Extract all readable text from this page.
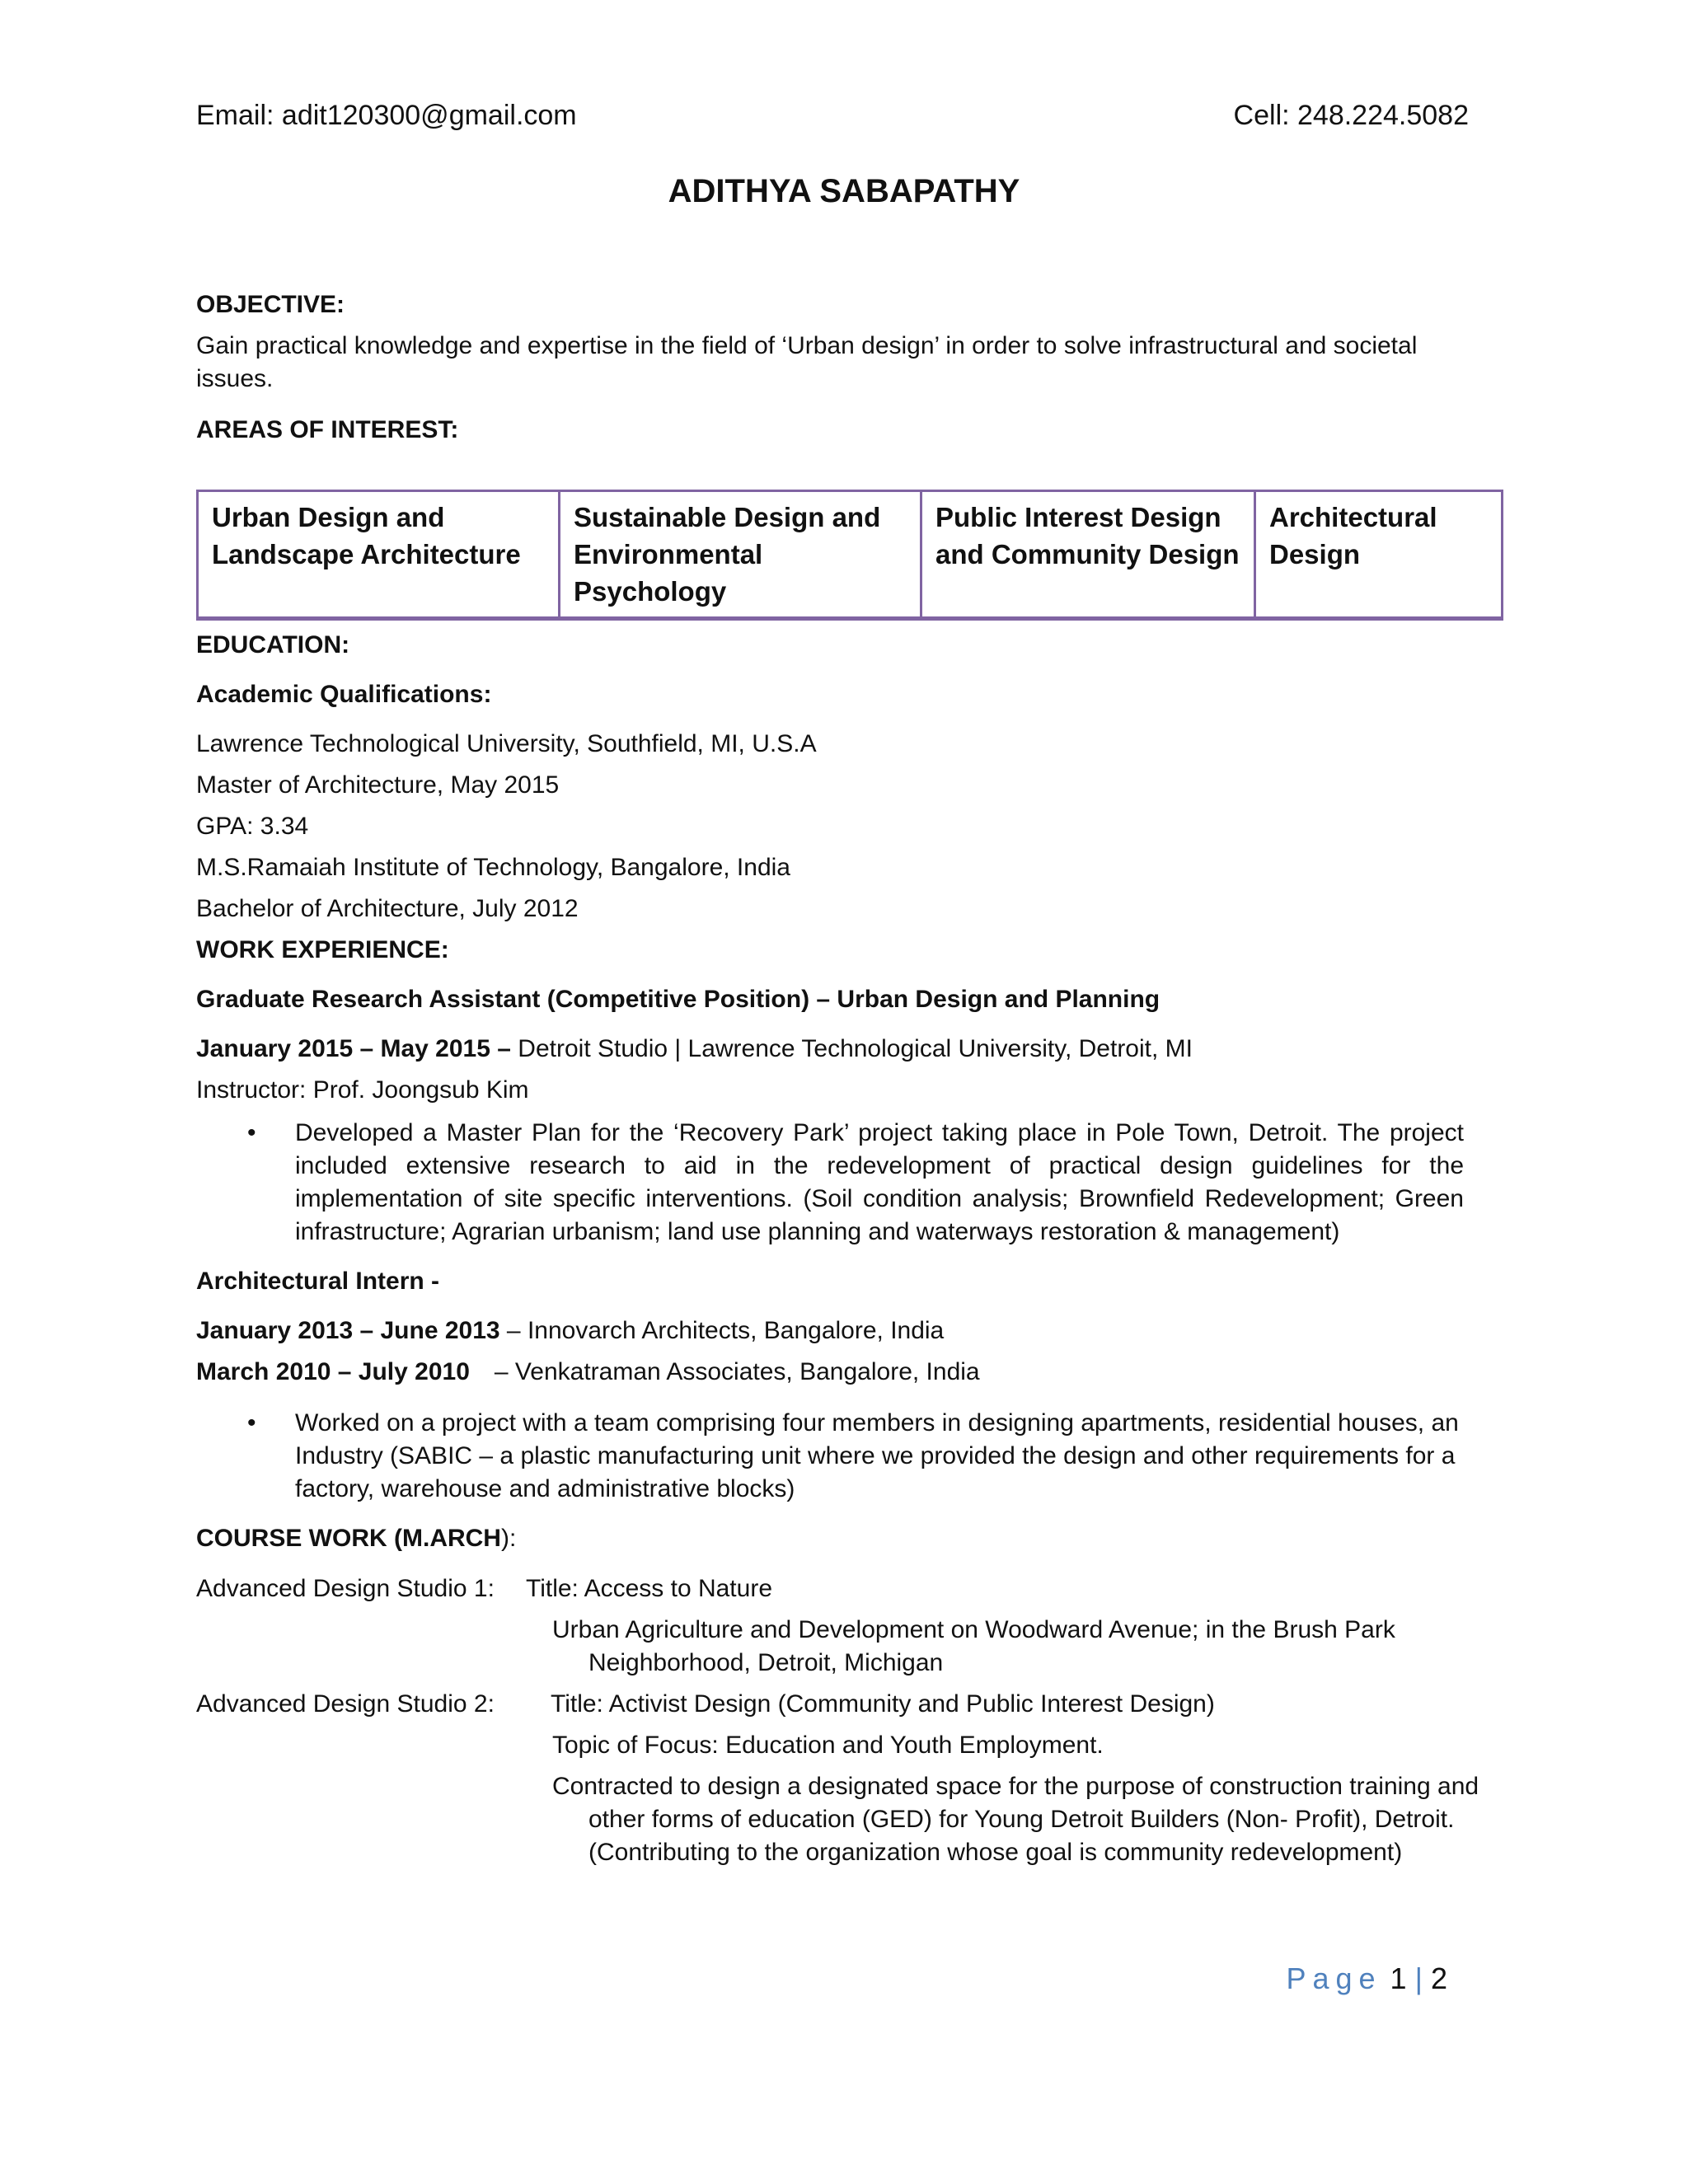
Email: adit120300@gmail.com	Cell: 248.224.5082
ADITHYA SABAPATHY
OBJECTIVE:
Gain practical knowledge and expertise in the field of ‘Urban design’ in order to solve infrastructural and societal issues.
AREAS OF INTEREST:
Urban Design and Landscape Architecture	Sustainable Design and Environmental Psychology	Public Interest Design and Community Design	Architectural Design
EDUCATION:
Academic Qualifications:
Lawrence Technological University, Southfield, MI, U.S.A
Master of Architecture, May 2015
GPA: 3.34
M.S.Ramaiah Institute of Technology, Bangalore, India
Bachelor of Architecture, July 2012
WORK EXPERIENCE:
Graduate Research Assistant (Competitive Position) – Urban Design and Planning
January 2015 – May 2015 – Detroit Studio | Lawrence Technological University, Detroit, MI
Instructor: Prof. Joongsub Kim
• Developed a Master Plan for the ‘Recovery Park’ project taking place in Pole Town, Detroit. The project included extensive research to aid in the redevelopment of practical design guidelines for the implementation of site specific interventions. (Soil condition analysis; Brownfield Redevelopment; Green infrastructure; Agrarian urbanism; land use planning and waterways restoration & management)
Architectural Intern -
January 2013 – June 2013 – Innovarch Architects, Bangalore, India
March 2010 – July 2010 – Venkatraman Associates, Bangalore, India
• Worked on a project with a team comprising four members in designing apartments, residential houses, an Industry (SABIC – a plastic manufacturing unit where we provided the design and other requirements for a factory, warehouse and administrative blocks)
COURSE WORK (M.ARCH):
Advanced Design Studio 1: Title: Access to Nature
Urban Agriculture and Development on Woodward Avenue; in the Brush Park Neighborhood, Detroit, Michigan
Advanced Design Studio 2: Title: Activist Design (Community and Public Interest Design)
Topic of Focus: Education and Youth Employment.
Contracted to design a designated space for the purpose of construction training and other forms of education (GED) for Young Detroit Builders (Non- Profit), Detroit. (Contributing to the organization whose goal is community redevelopment)
Page 1 | 2
